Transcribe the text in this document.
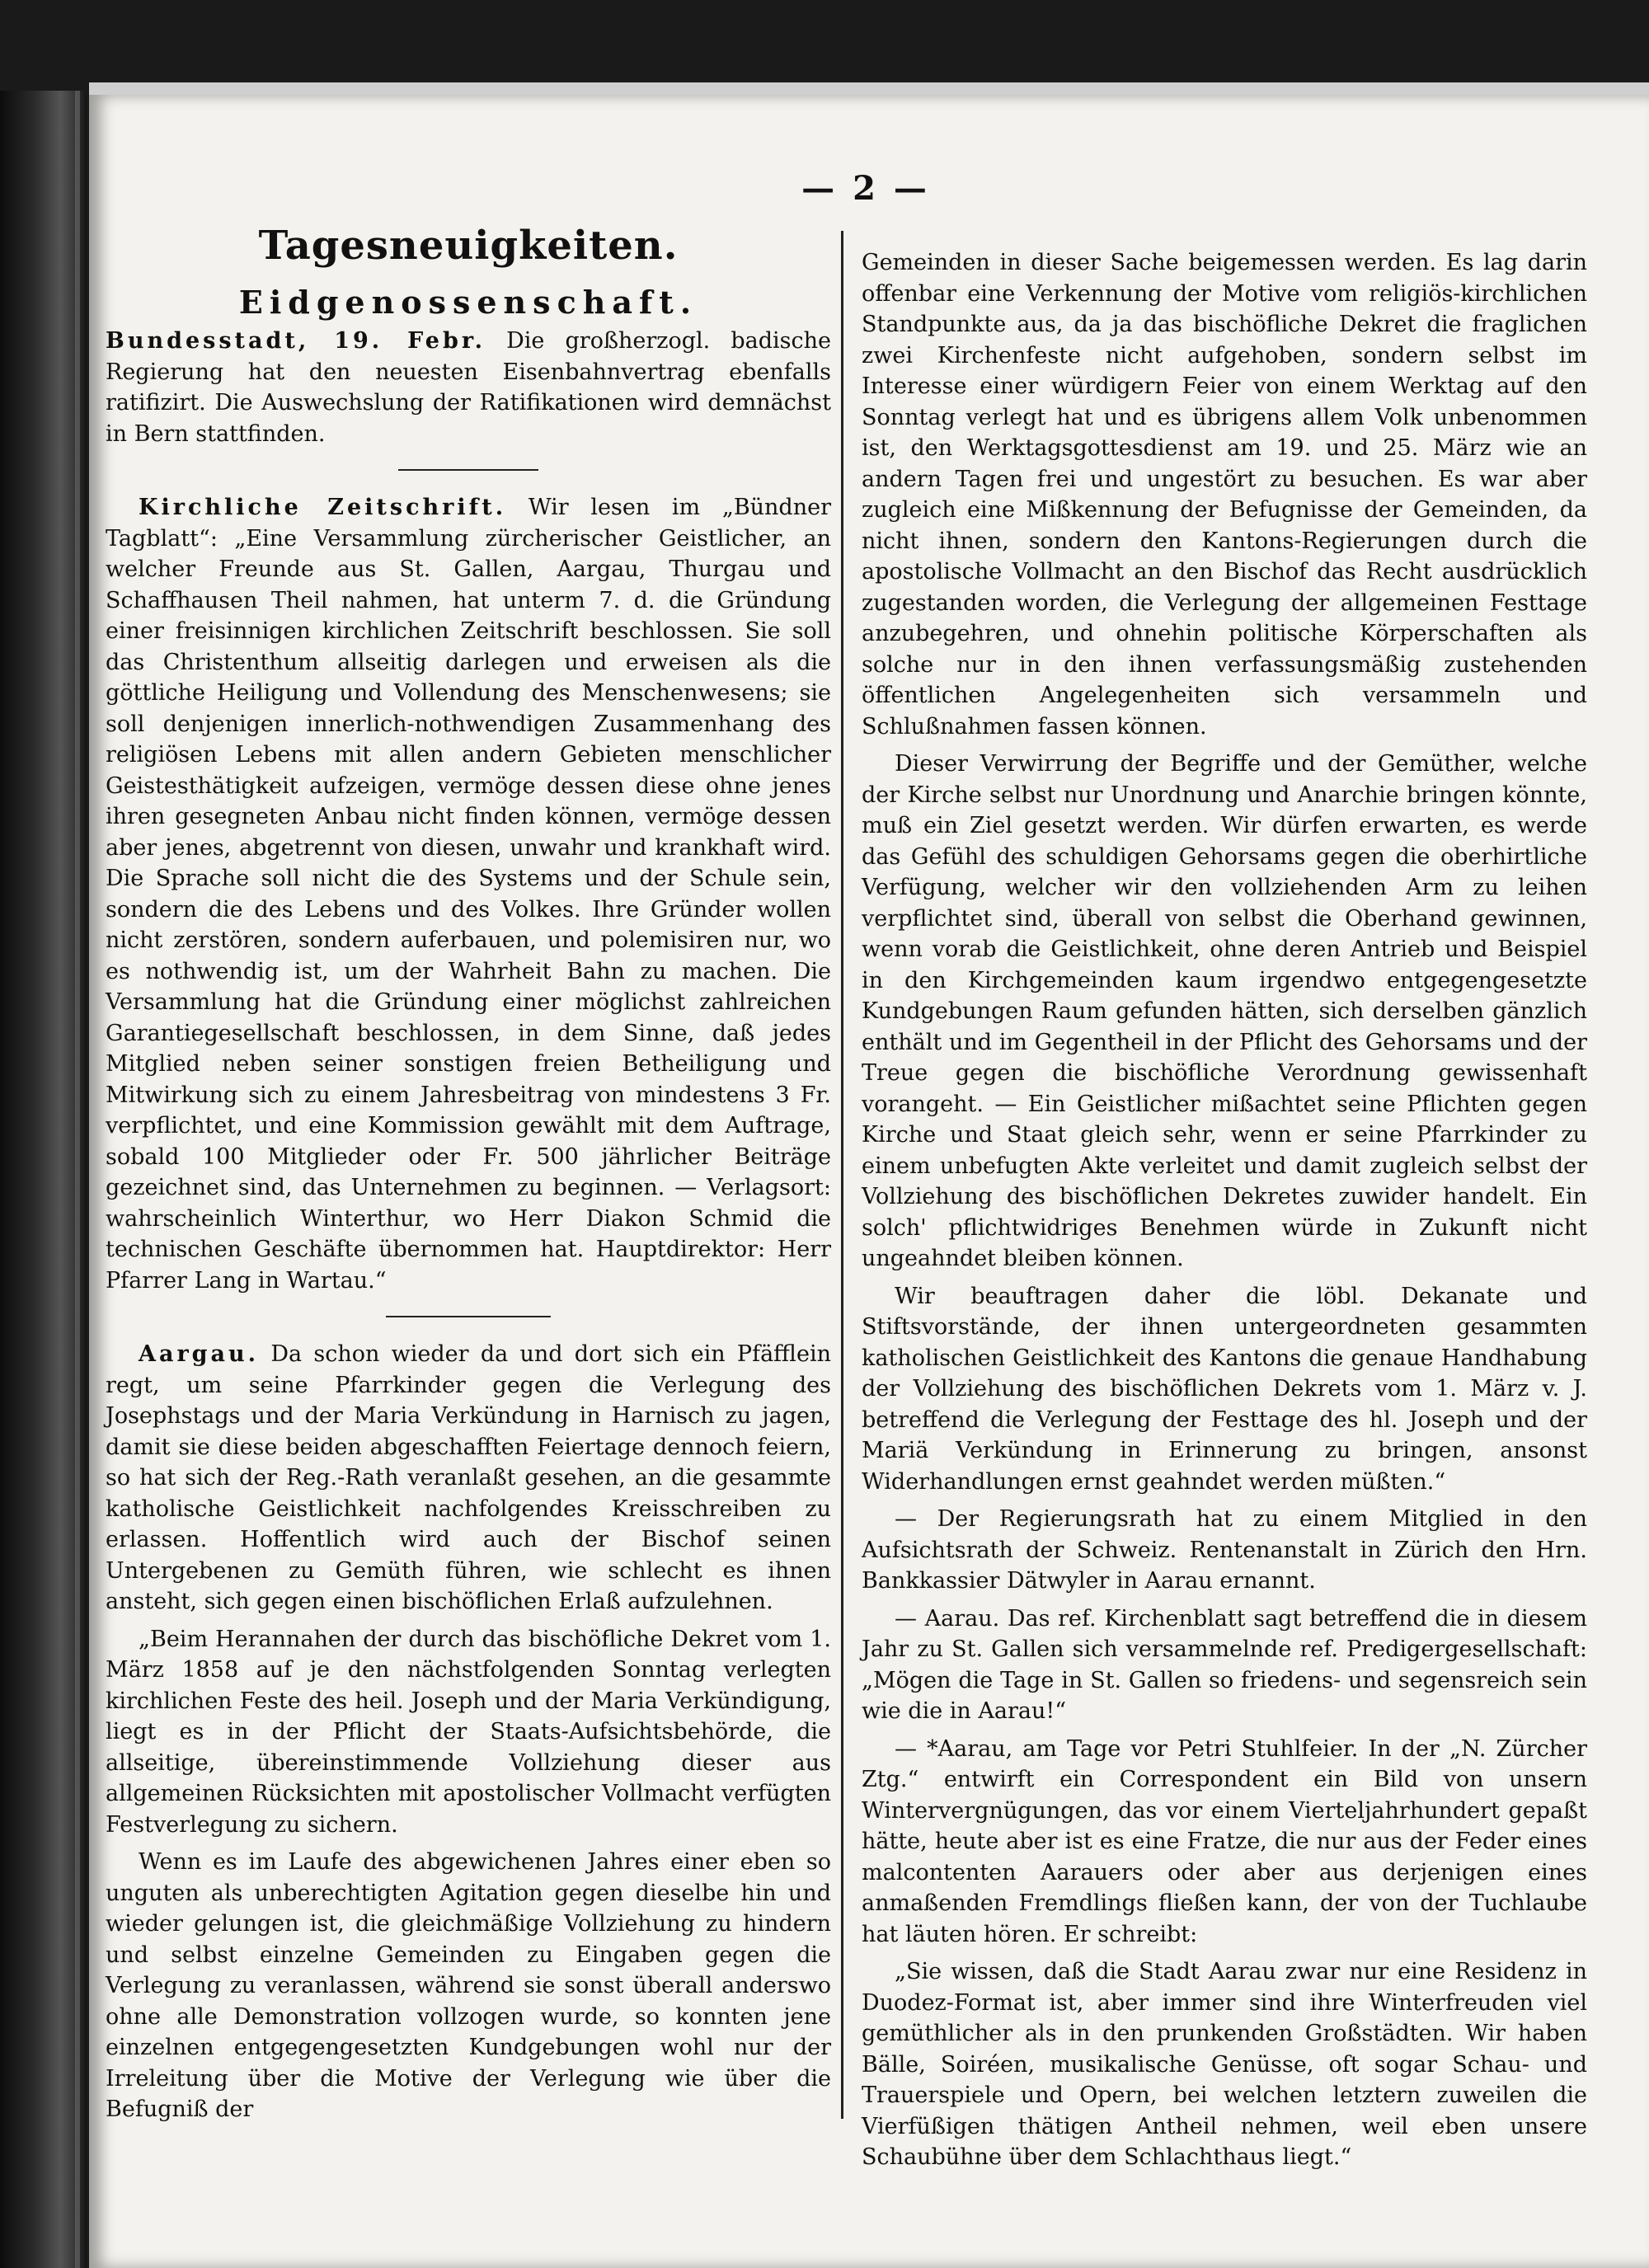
— 2 —
Tagesneuigkeiten.
Eidgenossenschaft.

Bundesstadt, 19. Febr. Die großherzogl. badische Regierung hat den neuesten Eisenbahnvertrag ebenfalls ratifizirt. Die Auswechslung der Ratifikationen wird demnächst in Bern stattfinden.

Kirchliche Zeitschrift. Wir lesen im „Bündner Tagblatt“: „Eine Versammlung zürcherischer Geistlicher, an welcher Freunde aus St. Gallen, Aargau, Thurgau und Schaffhausen Theil nahmen, hat unterm 7. d. die Gründung einer freisinnigen kirchlichen Zeitschrift beschlossen. Sie soll das Christenthum allseitig darlegen und erweisen als die göttliche Heiligung und Vollendung des Menschenwesens; sie soll denjenigen innerlich-nothwendigen Zusammenhang des religiösen Lebens mit allen andern Gebieten menschlicher Geistesthätigkeit aufzeigen, vermöge dessen diese ohne jenes ihren gesegneten Anbau nicht finden können, vermöge dessen aber jenes, abgetrennt von diesen, unwahr und krankhaft wird. Die Sprache soll nicht die des Systems und der Schule sein, sondern die des Lebens und des Volkes. Ihre Gründer wollen nicht zerstören, sondern auferbauen, und polemisiren nur, wo es nothwendig ist, um der Wahrheit Bahn zu machen. Die Versammlung hat die Gründung einer möglichst zahlreichen Garantiegesellschaft beschlossen, in dem Sinne, daß jedes Mitglied neben seiner sonstigen freien Betheiligung und Mitwirkung sich zu einem Jahresbeitrag von mindestens 3 Fr. verpflichtet, und eine Kommission gewählt mit dem Auftrage, sobald 100 Mitglieder oder Fr. 500 jährlicher Beiträge gezeichnet sind, das Unternehmen zu beginnen. — Verlagsort: wahrscheinlich Winterthur, wo Herr Diakon Schmid die technischen Geschäfte übernommen hat. Hauptdirektor: Herr Pfarrer Lang in Wartau.“

Aargau. Da schon wieder da und dort sich ein Pfäfflein regt, um seine Pfarrkinder gegen die Verlegung des Josephstags und der Maria Verkündung in Harnisch zu jagen, damit sie diese beiden abgeschafften Feiertage dennoch feiern, so hat sich der Reg.-Rath veranlaßt gesehen, an die gesammte katholische Geistlichkeit nachfolgendes Kreisschreiben zu erlassen. Hoffentlich wird auch der Bischof seinen Untergebenen zu Gemüth führen, wie schlecht es ihnen ansteht, sich gegen einen bischöflichen Erlaß aufzulehnen.

„Beim Herannahen der durch das bischöfliche Dekret vom 1. März 1858 auf je den nächstfolgenden Sonntag verlegten kirchlichen Feste des heil. Joseph und der Maria Verkündigung, liegt es in der Pflicht der Staats-Aufsichtsbehörde, die allseitige, übereinstimmende Vollziehung dieser aus allgemeinen Rücksichten mit apostolischer Vollmacht verfügten Festverlegung zu sichern.

Wenn es im Laufe des abgewichenen Jahres einer eben so unguten als unberechtigten Agitation gegen dieselbe hin und wieder gelungen ist, die gleichmäßige Vollziehung zu hindern und selbst einzelne Gemeinden zu Eingaben gegen die Verlegung zu veranlassen, während sie sonst überall anderswo ohne alle Demonstration vollzogen wurde, so konnten jene einzelnen entgegengesetzten Kundgebungen wohl nur der Irreleitung über die Motive der Verlegung wie über die Befugniß der

Gemeinden in dieser Sache beigemessen werden. Es lag darin offenbar eine Verkennung der Motive vom religiös-kirchlichen Standpunkte aus, da ja das bischöfliche Dekret die fraglichen zwei Kirchenfeste nicht aufgehoben, sondern selbst im Interesse einer würdigern Feier von einem Werktag auf den Sonntag verlegt hat und es übrigens allem Volk unbenommen ist, den Werktagsgottesdienst am 19. und 25. März wie an andern Tagen frei und ungestört zu besuchen. Es war aber zugleich eine Mißkennung der Befugnisse der Gemeinden, da nicht ihnen, sondern den Kantons-Regierungen durch die apostolische Vollmacht an den Bischof das Recht ausdrücklich zugestanden worden, die Verlegung der allgemeinen Festtage anzubegehren, und ohnehin politische Körperschaften als solche nur in den ihnen verfassungsmäßig zustehenden öffentlichen Angelegenheiten sich versammeln und Schlußnahmen fassen können.

Dieser Verwirrung der Begriffe und der Gemüther, welche der Kirche selbst nur Unordnung und Anarchie bringen könnte, muß ein Ziel gesetzt werden. Wir dürfen erwarten, es werde das Gefühl des schuldigen Gehorsams gegen die oberhirtliche Verfügung, welcher wir den vollziehenden Arm zu leihen verpflichtet sind, überall von selbst die Oberhand gewinnen, wenn vorab die Geistlichkeit, ohne deren Antrieb und Beispiel in den Kirchgemeinden kaum irgendwo entgegengesetzte Kundgebungen Raum gefunden hätten, sich derselben gänzlich enthält und im Gegentheil in der Pflicht des Gehorsams und der Treue gegen die bischöfliche Verordnung gewissenhaft vorangeht. — Ein Geistlicher mißachtet seine Pflichten gegen Kirche und Staat gleich sehr, wenn er seine Pfarrkinder zu einem unbefugten Akte verleitet und damit zugleich selbst der Vollziehung des bischöflichen Dekretes zuwider handelt. Ein solch' pflichtwidriges Benehmen würde in Zukunft nicht ungeahndet bleiben können.

Wir beauftragen daher die löbl. Dekanate und Stiftsvorstände, der ihnen untergeordneten gesammten katholischen Geistlichkeit des Kantons die genaue Handhabung der Vollziehung des bischöflichen Dekrets vom 1. März v. J. betreffend die Verlegung der Festtage des hl. Joseph und der Mariä Verkündung in Erinnerung zu bringen, ansonst Widerhandlungen ernst geahndet werden müßten.“

— Der Regierungsrath hat zu einem Mitglied in den Aufsichtsrath der Schweiz. Rentenanstalt in Zürich den Hrn. Bankkassier Dätwyler in Aarau ernannt.

— Aarau. Das ref. Kirchenblatt sagt betreffend die in diesem Jahr zu St. Gallen sich versammelnde ref. Predigergesellschaft: „Mögen die Tage in St. Gallen so friedens- und segensreich sein wie die in Aarau!“

— *Aarau, am Tage vor Petri Stuhlfeier. In der „N. Zürcher Ztg.“ entwirft ein Correspondent ein Bild von unsern Wintervergnügungen, das vor einem Vierteljahrhundert gepaßt hätte, heute aber ist es eine Fratze, die nur aus der Feder eines malcontenten Aarauers oder aber aus derjenigen eines anmaßenden Fremdlings fließen kann, der von der Tuchlaube hat läuten hören. Er schreibt:

„Sie wissen, daß die Stadt Aarau zwar nur eine Residenz in Duodez-Format ist, aber immer sind ihre Winterfreuden viel gemüthlicher als in den prunkenden Großstädten. Wir haben Bälle, Soiréen, musikalische Genüsse, oft sogar Schau- und Trauerspiele und Opern, bei welchen letztern zuweilen die Vierfüßigen thätigen Antheil nehmen, weil eben unsere Schaubühne über dem Schlachthaus liegt.“
